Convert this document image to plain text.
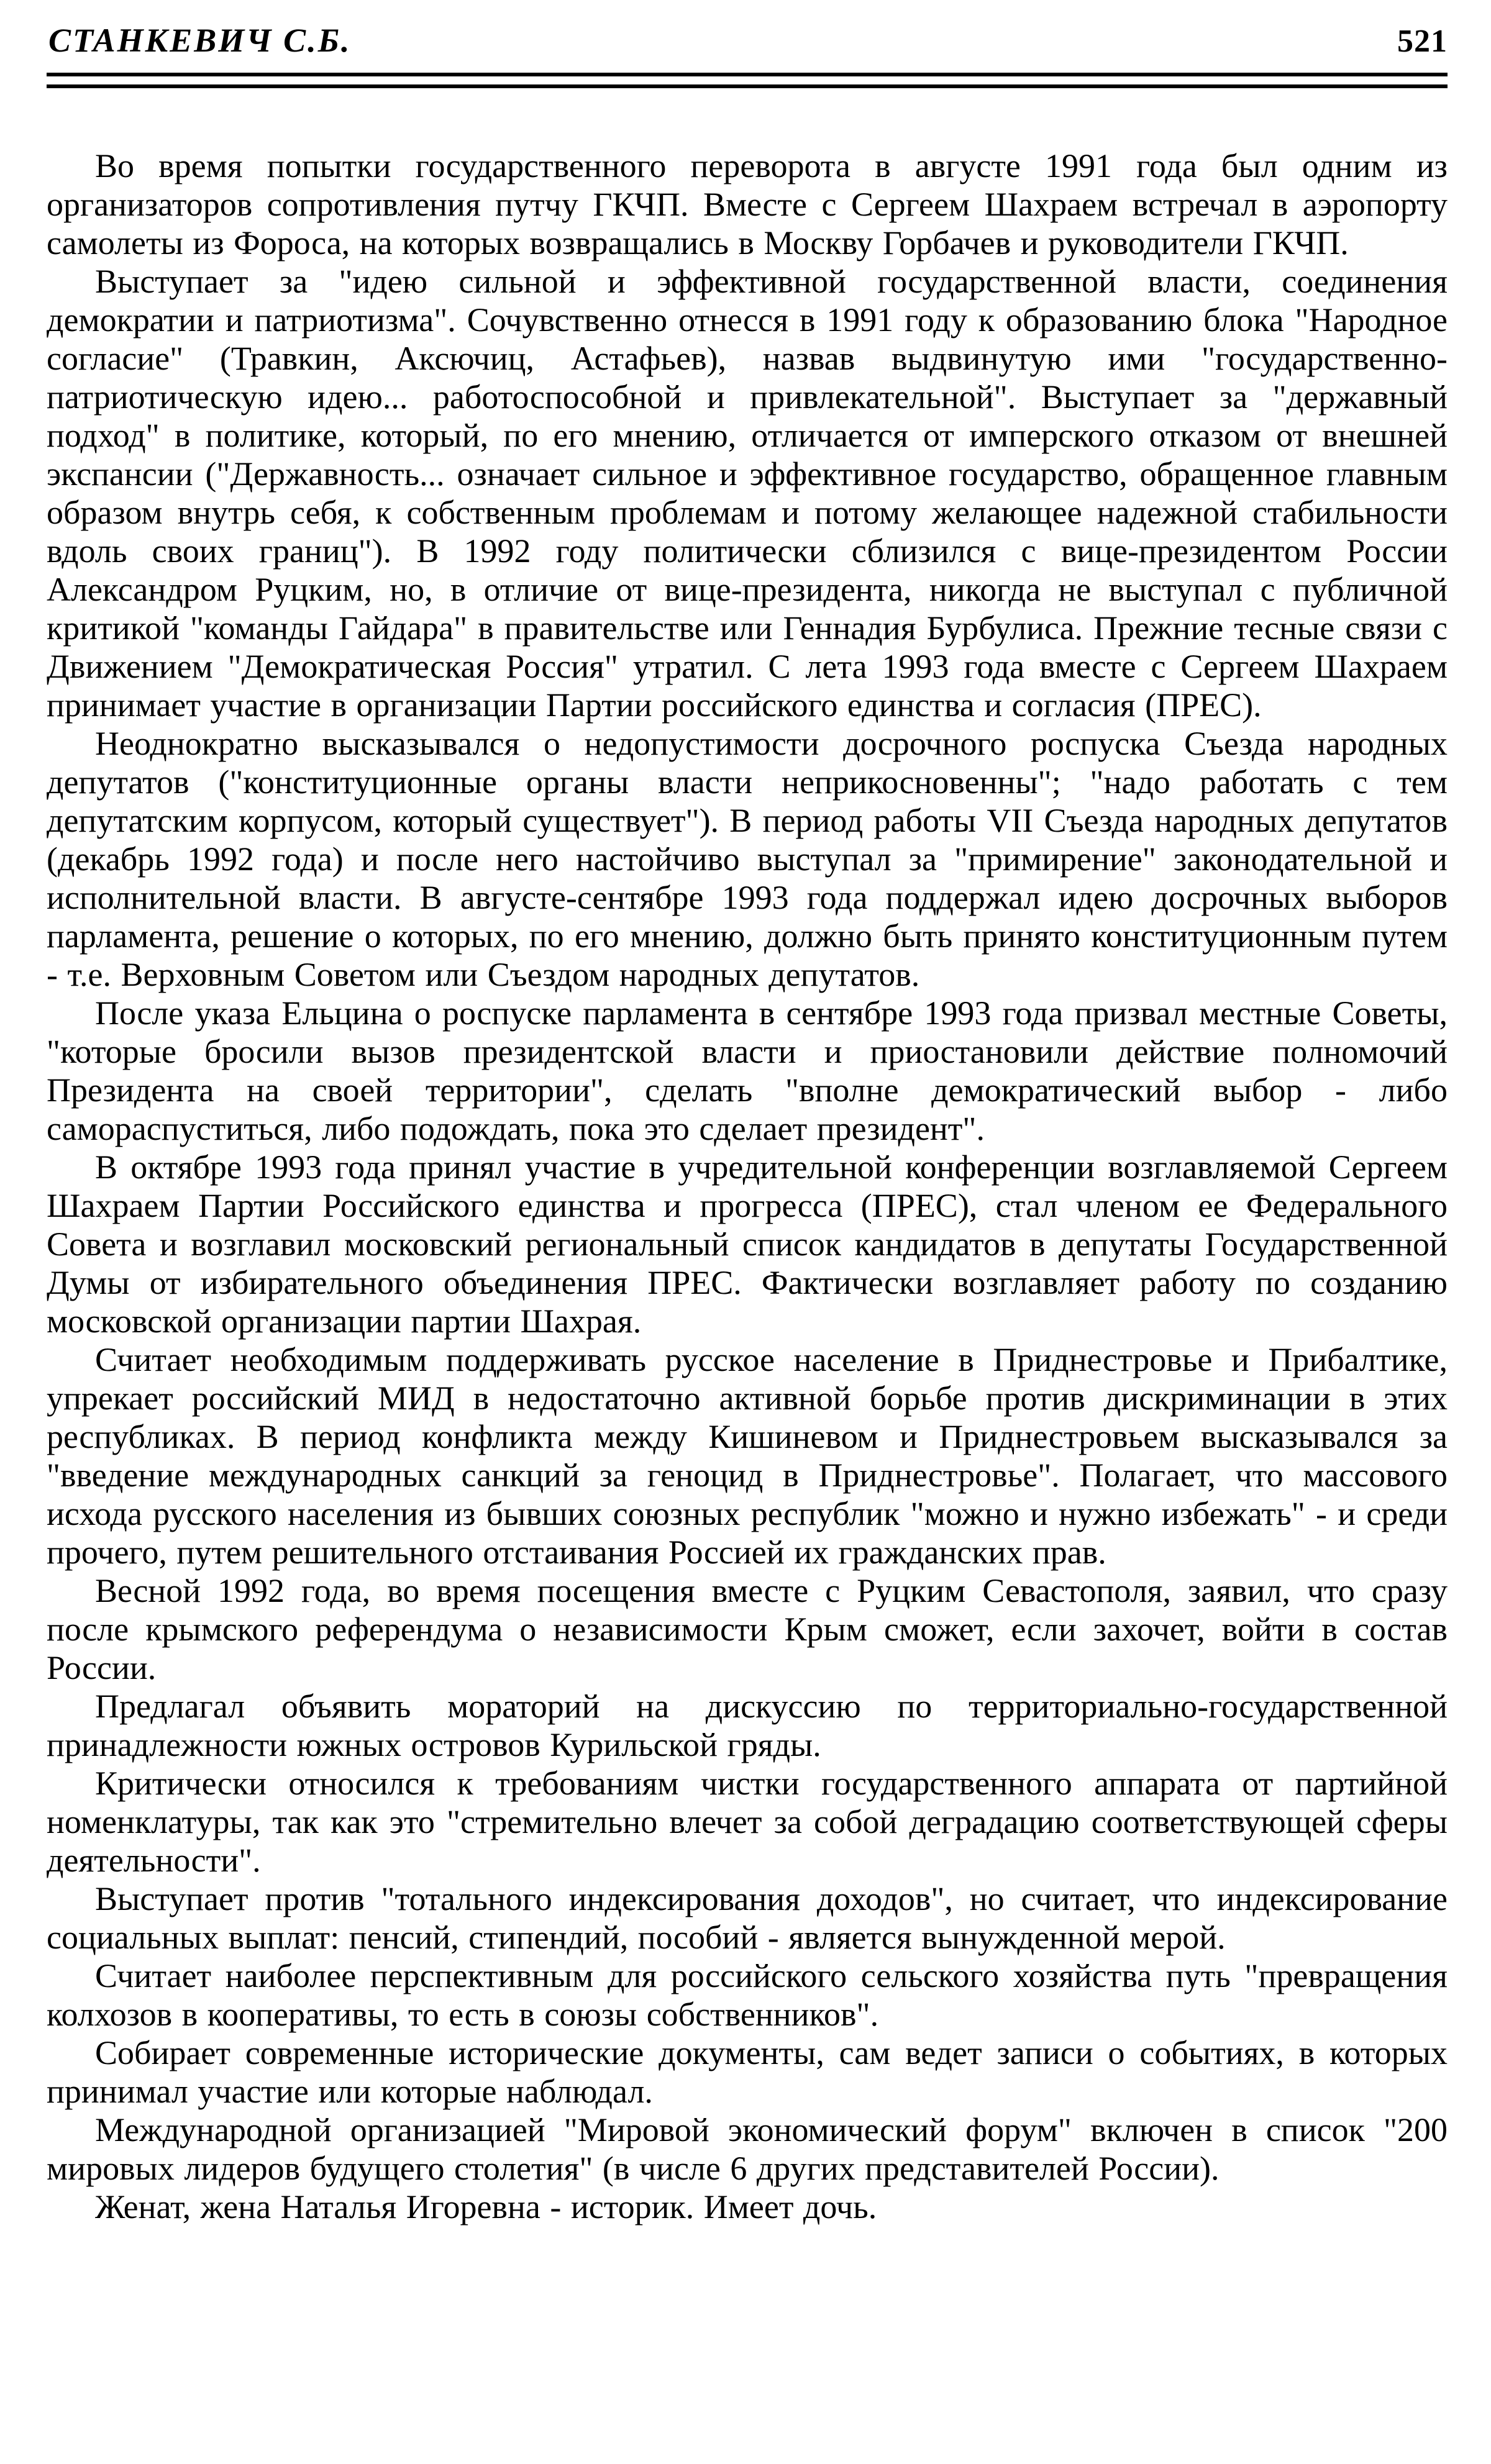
СТАНКЕВИЧ С.Б.	521

Во время попытки государственного переворота в августе 1991 года был одним из организаторов сопротивления путчу ГКЧП. Вместе с Сергеем Шахраем встречал в аэропорту самолеты из Фороса, на которых возвращались в Москву Горбачев и руководители ГКЧП.

Выступает за "идею сильной и эффективной государственной власти, соединения демократии и патриотизма". Сочувственно отнесся в 1991 году к образованию блока "Народное согласие" (Травкин, Аксючиц, Астафьев), назвав выдвинутую ими "государственно-патриотическую идею... работоспособной и привлекательной". Выступает за "державный подход" в политике, который, по его мнению, отличается от имперского отказом от внешней экспансии ("Державность... означает сильное и эффективное государство, обращенное главным образом внутрь себя, к собственным проблемам и потому желающее надежной стабильности вдоль своих границ"). В 1992 году политически сблизился с вице-президентом России Александром Руцким, но, в отличие от вице-президента, никогда не выступал с публичной критикой "команды Гайдара" в правительстве или Геннадия Бурбулиса. Прежние тесные связи с Движением "Демократическая Россия" утратил. С лета 1993 года вместе с Сергеем Шахраем принимает участие в организации Партии российского единства и согласия (ПРЕС).

Неоднократно высказывался о недопустимости досрочного роспуска Съезда народных депутатов ("конституционные органы власти неприкосновенны"; "надо работать с тем депутатским корпусом, который существует"). В период работы VII Съезда народных депутатов (декабрь 1992 года) и после него настойчиво выступал за "примирение" законодательной и исполнительной власти. В августе-сентябре 1993 года поддержал идею досрочных выборов парламента, решение о которых, по его мнению, должно быть принято конституционным путем - т.е. Верховным Советом или Съездом народных депутатов.

После указа Ельцина о роспуске парламента в сентябре 1993 года призвал местные Советы, "которые бросили вызов президентской власти и приостановили действие полномочий Президента на своей территории", сделать "вполне демократический выбор - либо самораспуститься, либо подождать, пока это сделает президент".

В октябре 1993 года принял участие в учредительной конференции возглавляемой Сергеем Шахраем Партии Российского единства и прогресса (ПРЕС), стал членом ее Федерального Совета и возглавил московский региональный список кандидатов в депутаты Государственной Думы от избирательного объединения ПРЕС. Фактически возглавляет работу по созданию московской организации партии Шахрая.

Считает необходимым поддерживать русское население в Приднестровье и Прибалтике, упрекает российский МИД в недостаточно активной борьбе против дискриминации в этих республиках. В период конфликта между Кишиневом и Приднестровьем высказывался за "введение международных санкций за геноцид в Приднестровье". Полагает, что массового исхода русского населения из бывших союзных республик "можно и нужно избежать" - и среди прочего, путем решительного отстаивания Россией их гражданских прав.

Весной 1992 года, во время посещения вместе с Руцким Севастополя, заявил, что сразу после крымского референдума о независимости Крым сможет, если захочет, войти в состав России.

Предлагал объявить мораторий на дискуссию по территориально-государственной принадлежности южных островов Курильской гряды.

Критически относился к требованиям чистки государственного аппарата от партийной номенклатуры, так как это "стремительно влечет за собой деградацию соответствующей сферы деятельности".

Выступает против "тотального индексирования доходов", но считает, что индексирование социальных выплат: пенсий, стипендий, пособий - является вынужденной мерой.

Считает наиболее перспективным для российского сельского хозяйства путь "превращения колхозов в кооперативы, то есть в союзы собственников".

Собирает современные исторические документы, сам ведет записи о событиях, в которых принимал участие или которые наблюдал.

Международной организацией "Мировой экономический форум" включен в список "200 мировых лидеров будущего столетия" (в числе 6 других представителей России).

Женат, жена Наталья Игоревна - историк. Имеет дочь.
